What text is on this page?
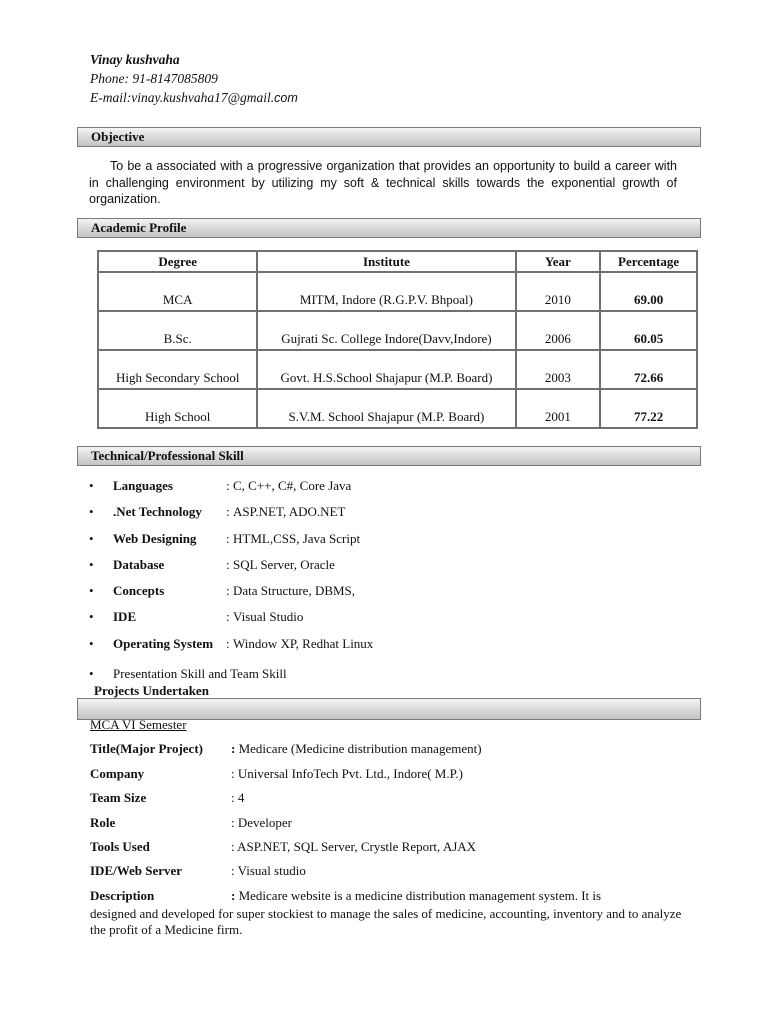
Vinay kushvaha
Phone: 91-8147085809
E-mail:vinay.kushvaha17@gmail.com
Objective
To be a associated with a progressive organization that provides an opportunity to build a career with in challenging environment by utilizing my soft & technical skills towards the exponential growth of organization.
Academic Profile
Degree	Institute	Year	Percentage
MCA	MITM, Indore (R.G.P.V. Bhpoal)	2010	69.00
B.Sc.	Gujrati Sc. College Indore(Davv,Indore)	2006	60.05
High Secondary School	Govt. H.S.School Shajapur (M.P. Board)	2003	72.66
High School	S.V.M. School Shajapur (M.P. Board)	2001	77.22
Technical/Professional Skill
• Languages	: C, C++, C#, Core Java
• .Net Technology : ASP.NET, ADO.NET
• Web Designing : HTML,CSS, Java Script
• Database	: SQL Server, Oracle
• Concepts	: Data Structure, DBMS,
• IDE	: Visual Studio
• Operating System : Window XP, Redhat Linux
• Presentation Skill and Team Skill
Projects Undertaken
MCA VI Semester
Title(Major Project) : Medicare (Medicine distribution management)
Company	: Universal InfoTech Pvt. Ltd., Indore( M.P.)
Team Size	: 4
Role	: Developer
Tools Used	: ASP.NET, SQL Server, Crystle Report, AJAX
IDE/Web Server	: Visual studio
Description	: Medicare website is a medicine distribution management system. It is
designed and developed for super stockiest to manage the sales of medicine, accounting, inventory and to analyze the profit of a Medicine firm.
